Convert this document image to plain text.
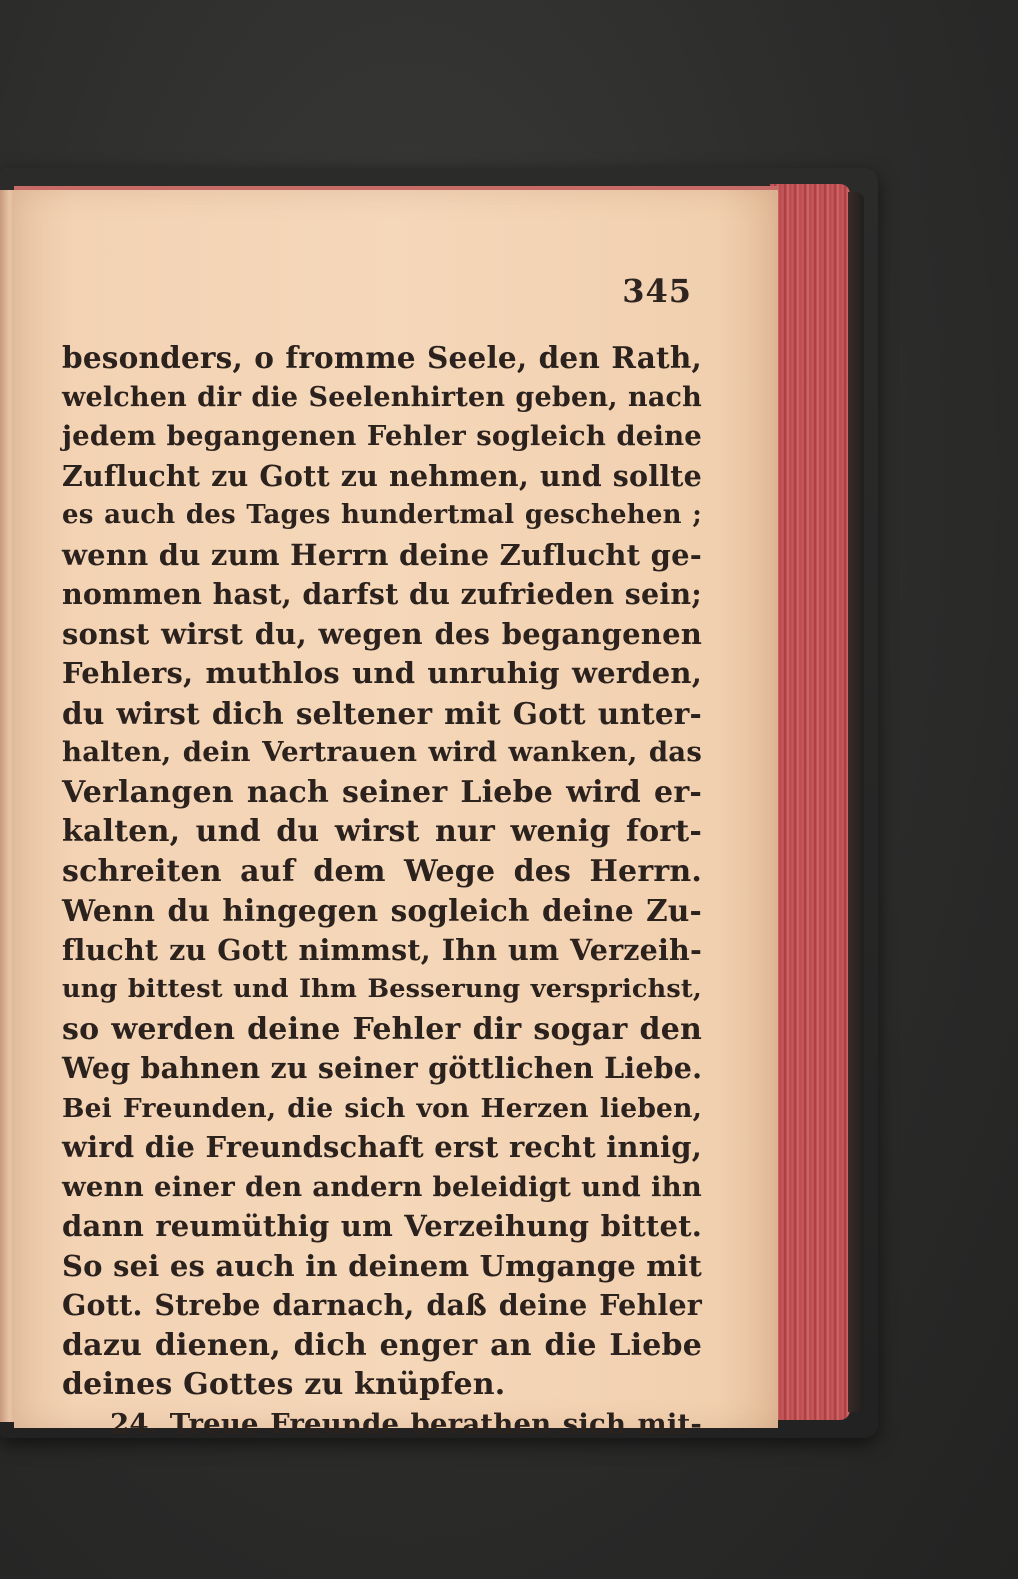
345
besonders, o fromme Seele, den Rath,
welchen dir die Seelenhirten geben, nach
jedem begangenen Fehler sogleich deine
Zuflucht zu Gott zu nehmen, und sollte
es auch des Tages hundertmal geschehen ;
wenn du zum Herrn deine Zuflucht ge-
nommen hast, darfst du zufrieden sein;
sonst wirst du, wegen des begangenen
Fehlers, muthlos und unruhig werden,
du wirst dich seltener mit Gott unter-
halten, dein Vertrauen wird wanken, das
Verlangen nach seiner Liebe wird er-
kalten, und du wirst nur wenig fort-
schreiten auf dem Wege des Herrn.
Wenn du hingegen sogleich deine Zu-
flucht zu Gott nimmst, Ihn um Verzeih-
ung bittest und Ihm Besserung versprichst,
so werden deine Fehler dir sogar den
Weg bahnen zu seiner göttlichen Liebe.
Bei Freunden, die sich von Herzen lieben,
wird die Freundschaft erst recht innig,
wenn einer den andern beleidigt und ihn
dann reumüthig um Verzeihung bittet.
So sei es auch in deinem Umgange mit
Gott. Strebe darnach, daß deine Fehler
dazu dienen, dich enger an die Liebe
deines Gottes zu knüpfen.
24. Treue Freunde berathen sich mit-
